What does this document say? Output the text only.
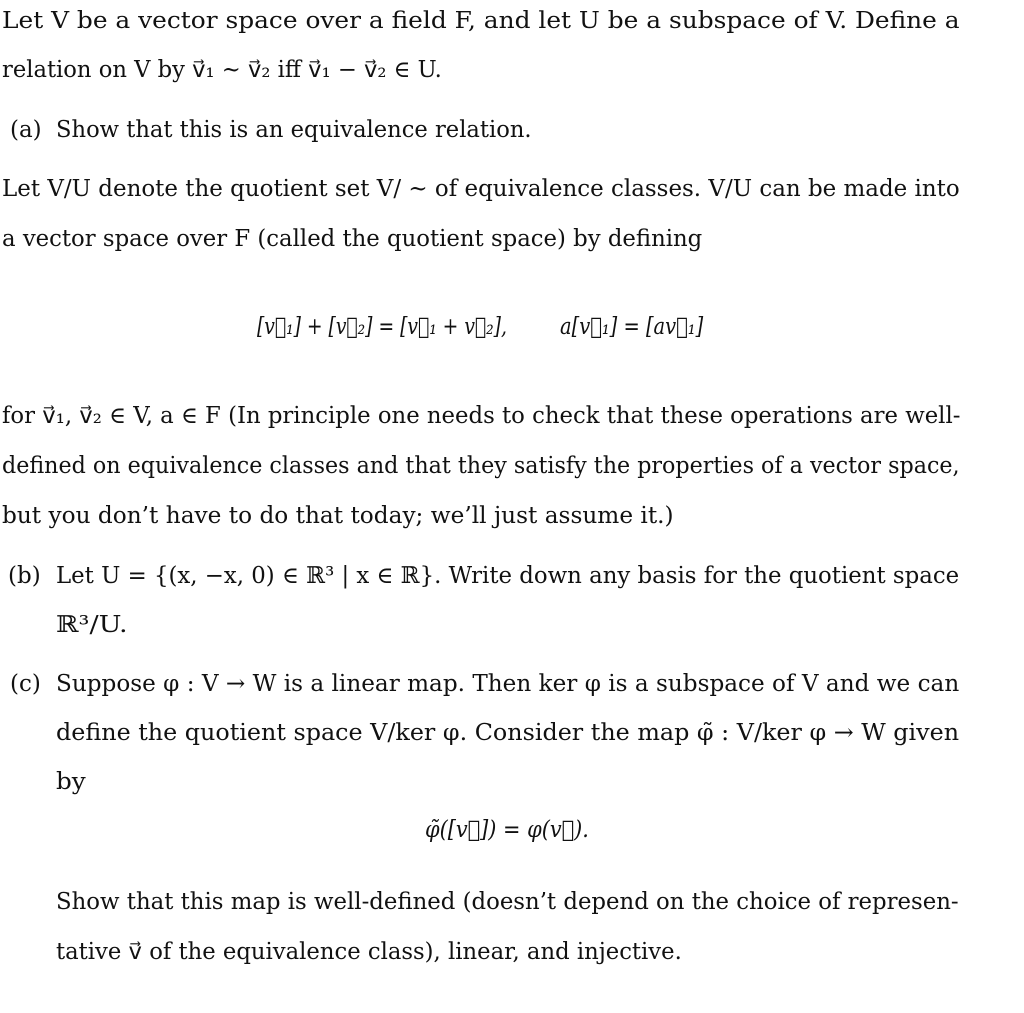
Let V be a vector space over a field F, and let U be a subspace of V. Define a
relation on V by v⃗₁ ~ v⃗₂ iff v⃗₁ − v⃗₂ ∈ U.
(a) Show that this is an equivalence relation.
Let V/U denote the quotient set V/ ~ of equivalence classes. V/U can be made into
a vector space over F (called the quotient space) by defining
[v⃗₁] + [v⃗₂] = [v⃗₁ + v⃗₂], a[v⃗₁] = [av⃗₁]
for v⃗₁, v⃗₂ ∈ V, a ∈ F (In principle one needs to check that these operations are well-
defined on equivalence classes and that they satisfy the properties of a vector space,
but you don’t have to do that today; we’ll just assume it.)
(b) Let U = {(x, −x, 0) ∈ ℝ³ | x ∈ ℝ}. Write down any basis for the quotient space
ℝ³/U.
(c) Suppose φ : V → W is a linear map. Then ker φ is a subspace of V and we can
define the quotient space V/ker φ. Consider the map φ̃ : V/ker φ → W given
by
φ̃([v⃗]) = φ(v⃗).
Show that this map is well-defined (doesn’t depend on the choice of represen-
tative v⃗ of the equivalence class), linear, and injective.
